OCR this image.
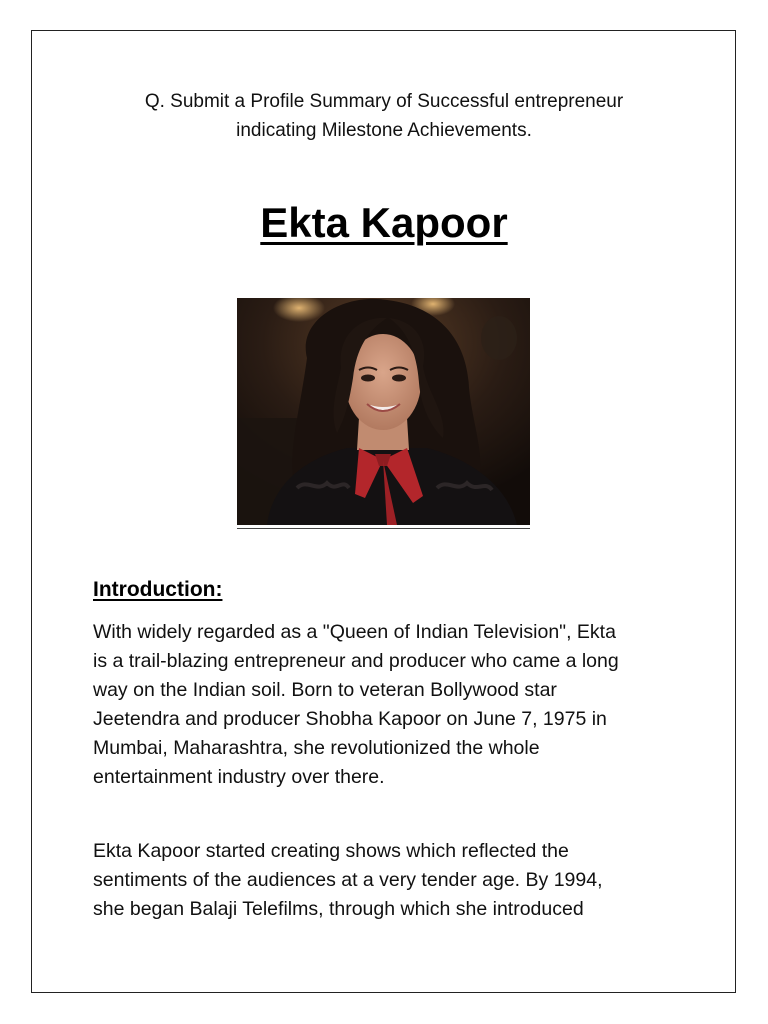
Q. Submit a Profile Summary of Successful entrepreneur
indicating Milestone Achievements.
Ekta Kapoor
Introduction:
With widely regarded as a "Queen of Indian Television", Ekta
is a trail-blazing entrepreneur and producer who came a long
way on the Indian soil. Born to veteran Bollywood star
Jeetendra and producer Shobha Kapoor on June 7, 1975 in
Mumbai, Maharashtra, she revolutionized the whole
entertainment industry over there.
Ekta Kapoor started creating shows which reflected the
sentiments of the audiences at a very tender age. By 1994,
she began Balaji Telefilms, through which she introduced
